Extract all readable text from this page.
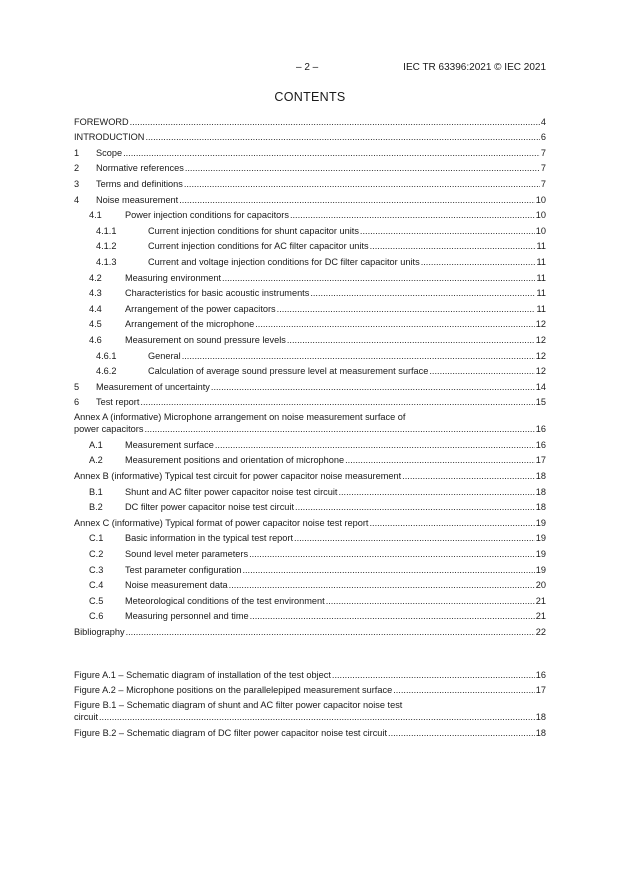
– 2 –	IEC TR 63396:2021 © IEC 2021
CONTENTS
FOREWORD .....	4
INTRODUCTION .....	6
1	Scope .....	7
2	Normative references .....	7
3	Terms and definitions .....	7
4	Noise measurement .....	10
4.1	Power injection conditions for capacitors .....	10
4.1.1	Current injection conditions for shunt capacitor units .....	10
4.1.2	Current injection conditions for AC filter capacitor units .....	11
4.1.3	Current and voltage injection conditions for DC filter capacitor units .....	11
4.2	Measuring environment .....	11
4.3	Characteristics for basic acoustic instruments .....	11
4.4	Arrangement of the power capacitors .....	11
4.5	Arrangement of the microphone .....	12
4.6	Measurement on sound pressure levels .....	12
4.6.1	General .....	12
4.6.2	Calculation of average sound pressure level at measurement surface .....	12
5	Measurement of uncertainty .....	14
6	Test report .....	15
Annex A (informative) Microphone arrangement on noise measurement surface of
power capacitors .....	16
A.1	Measurement surface .....	16
A.2	Measurement positions and orientation of microphone .....	17
Annex B (informative) Typical test circuit for power capacitor noise measurement .....	18
B.1	Shunt and AC filter power capacitor noise test circuit .....	18
B.2	DC filter power capacitor noise test circuit .....	18
Annex C (informative) Typical format of power capacitor noise test report .....	19
C.1	Basic information in the typical test report .....	19
C.2	Sound level meter parameters .....	19
C.3	Test parameter configuration .....	19
C.4	Noise measurement data .....	20
C.5	Meteorological conditions of the test environment .....	21
C.6	Measuring personnel and time .....	21
Bibliography .....	22
Figure A.1 – Schematic diagram of installation of the test object .....	16
Figure A.2 – Microphone positions on the parallelepiped measurement surface .....	17
Figure B.1 – Schematic diagram of shunt and AC filter power capacitor noise test
circuit .....	18
Figure B.2 – Schematic diagram of DC filter power capacitor noise test circuit .....	18
